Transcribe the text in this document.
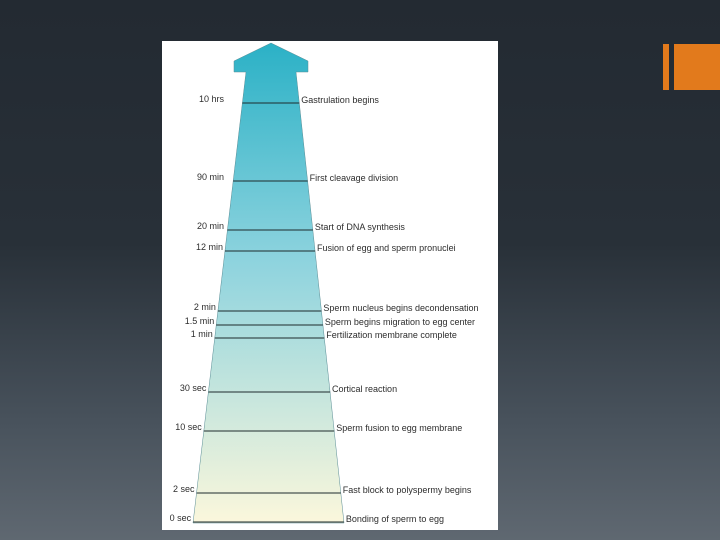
10 hrs	Gastrulation begins
90 min	First cleavage division
20 min	Start of DNA synthesis
12 min	Fusion of egg and sperm pronuclei
2 min	Sperm nucleus begins decondensation
1.5 min	Sperm begins migration to egg center
1 min	Fertilization membrane complete
30 sec	Cortical reaction
10 sec	Sperm fusion to egg membrane
2 sec	Fast block to polyspermy begins
0 sec	Bonding of sperm to egg
